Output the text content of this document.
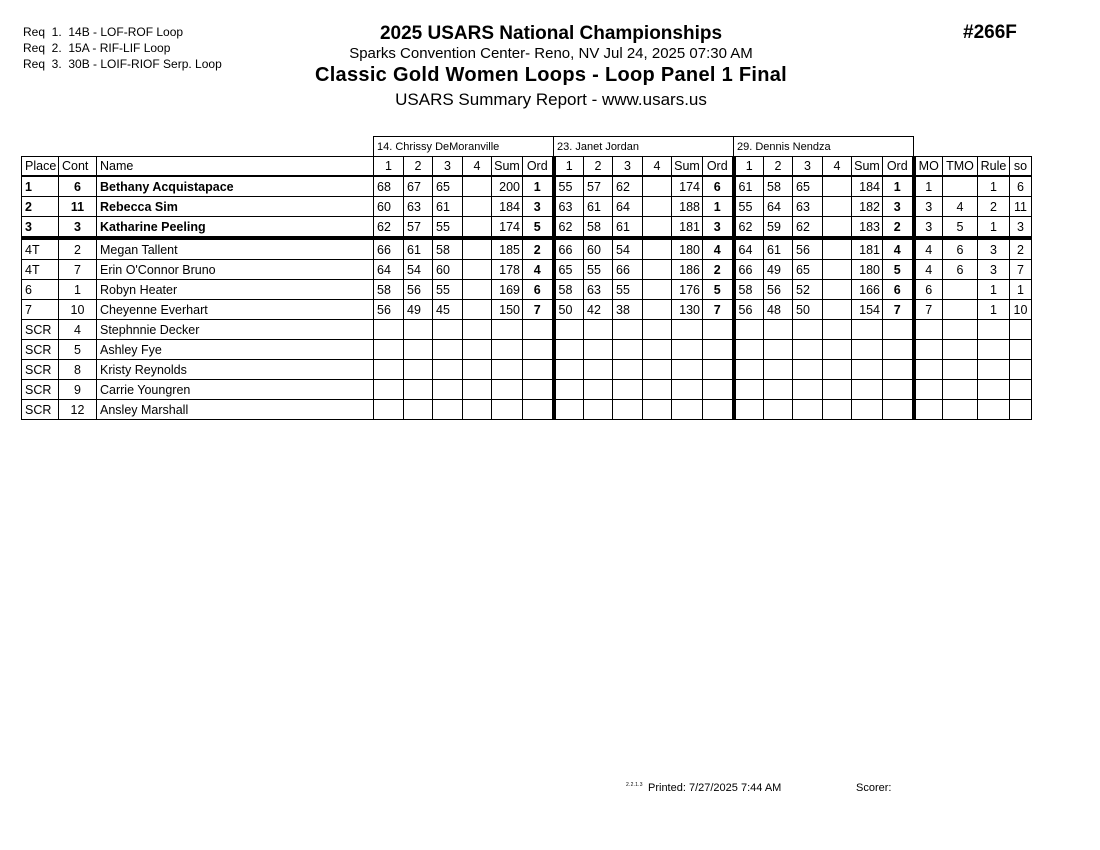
Req  1.  14B - LOF-ROF Loop
Req  2.  15A - RIF-LIF Loop
Req  3.  30B - LOIF-RIOF Serp. Loop
#266F
2025 USARS National Championships
Sparks Convention Center- Reno, NV Jul 24, 2025 07:30 AM
Classic Gold Women Loops - Loop Panel 1 Final
USARS Summary Report - www.usars.us
			14. Chrissy DeMoranville						23. Janet Jordan						29. Dennis Nendza									
Place	Cont	Name	1	2	3	4	Sum	Ord	1	2	3	4	Sum	Ord	1	2	3	4	Sum	Ord	MO	TMO	Rule	so
1	6	Bethany Acquistapace	68	67	65		200	1	55	57	62		174	6	61	58	65		184	1	1		1	6
2	11	Rebecca Sim	60	63	61		184	3	63	61	64		188	1	55	64	63		182	3	3	4	2	11
3	3	Katharine Peeling	62	57	55		174	5	62	58	61		181	3	62	59	62		183	2	3	5	1	3
4T	2	Megan Tallent	66	61	58		185	2	66	60	54		180	4	64	61	56		181	4	4	6	3	2
4T	7	Erin O'Connor Bruno	64	54	60		178	4	65	55	66		186	2	66	49	65		180	5	4	6	3	7
6	1	Robyn Heater	58	56	55		169	6	58	63	55		176	5	58	56	52		166	6	6		1	1
7	10	Cheyenne Everhart	56	49	45		150	7	50	42	38		130	7	56	48	50		154	7	7		1	10
SCR	4	Stephnnie Decker																						
SCR	5	Ashley Fye																						
SCR	8	Kristy Reynolds																						
SCR	9	Carrie Youngren																						
SCR	12	Ansley Marshall																						
2.2.1.3 Printed: 7/27/2025 7:44 AM	Scorer:
